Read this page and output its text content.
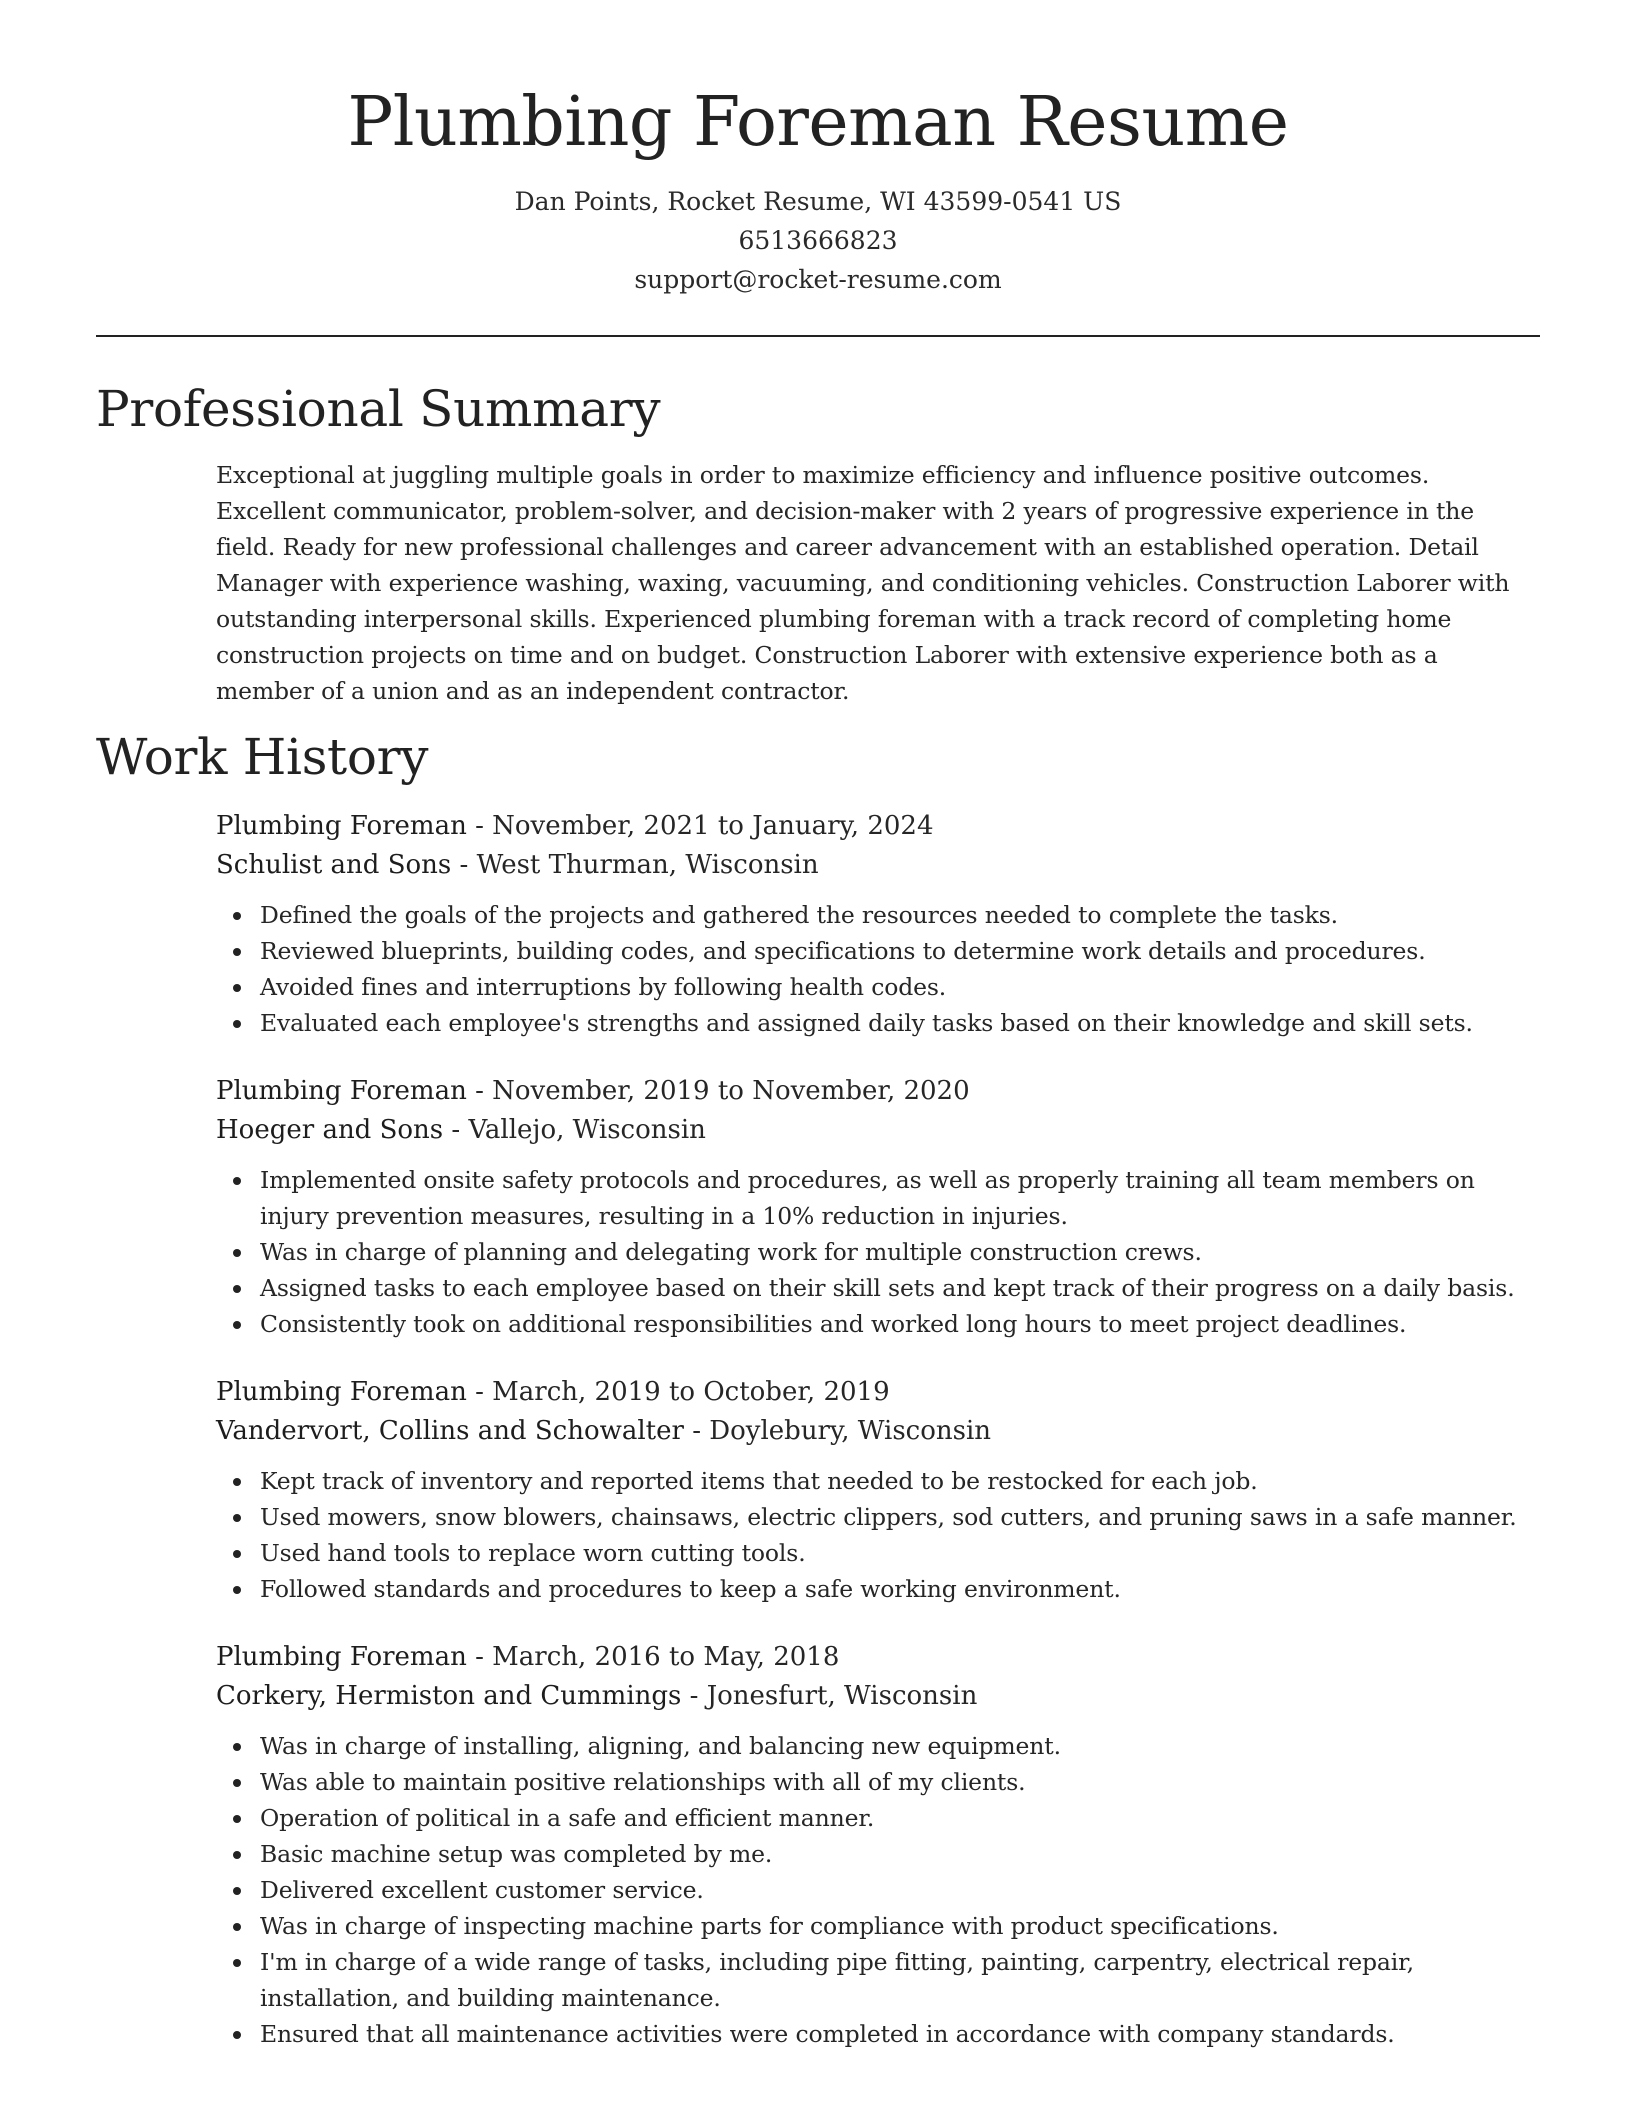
Plumbing Foreman Resume
Dan Points, Rocket Resume, WI 43599-0541 US
6513666823
support@rocket-resume.com
Professional Summary

Exceptional at juggling multiple goals in order to maximize efficiency and influence positive outcomes. Excellent communicator, problem-solver, and decision-maker with 2 years of progressive experience in the field. Ready for new professional challenges and career advancement with an established operation. Detail Manager with experience washing, waxing, vacuuming, and conditioning vehicles. Construction Laborer with outstanding interpersonal skills. Experienced plumbing foreman with a track record of completing home construction projects on time and on budget. Construction Laborer with extensive experience both as a member of a union and as an independent contractor.

Work History
Plumbing Foreman - November, 2021 to January, 2024
Schulist and Sons - West Thurman, Wisconsin
Defined the goals of the projects and gathered the resources needed to complete the tasks.
Reviewed blueprints, building codes, and specifications to determine work details and procedures.
Avoided fines and interruptions by following health codes.
Evaluated each employee's strengths and assigned daily tasks based on their knowledge and skill sets.
Plumbing Foreman - November, 2019 to November, 2020
Hoeger and Sons - Vallejo, Wisconsin
Implemented onsite safety protocols and procedures, as well as properly training all team members on injury prevention measures, resulting in a 10% reduction in injuries.
Was in charge of planning and delegating work for multiple construction crews.
Assigned tasks to each employee based on their skill sets and kept track of their progress on a daily basis.
Consistently took on additional responsibilities and worked long hours to meet project deadlines.
Plumbing Foreman - March, 2019 to October, 2019
Vandervort, Collins and Schowalter - Doylebury, Wisconsin
Kept track of inventory and reported items that needed to be restocked for each job.
Used mowers, snow blowers, chainsaws, electric clippers, sod cutters, and pruning saws in a safe manner.
Used hand tools to replace worn cutting tools.
Followed standards and procedures to keep a safe working environment.
Plumbing Foreman - March, 2016 to May, 2018
Corkery, Hermiston and Cummings - Jonesfurt, Wisconsin
Was in charge of installing, aligning, and balancing new equipment.
Was able to maintain positive relationships with all of my clients.
Operation of political in a safe and efficient manner.
Basic machine setup was completed by me.
Delivered excellent customer service.
Was in charge of inspecting machine parts for compliance with product specifications.
I'm in charge of a wide range of tasks, including pipe fitting, painting, carpentry, electrical repair, installation, and building maintenance.
Ensured that all maintenance activities were completed in accordance with company standards.
